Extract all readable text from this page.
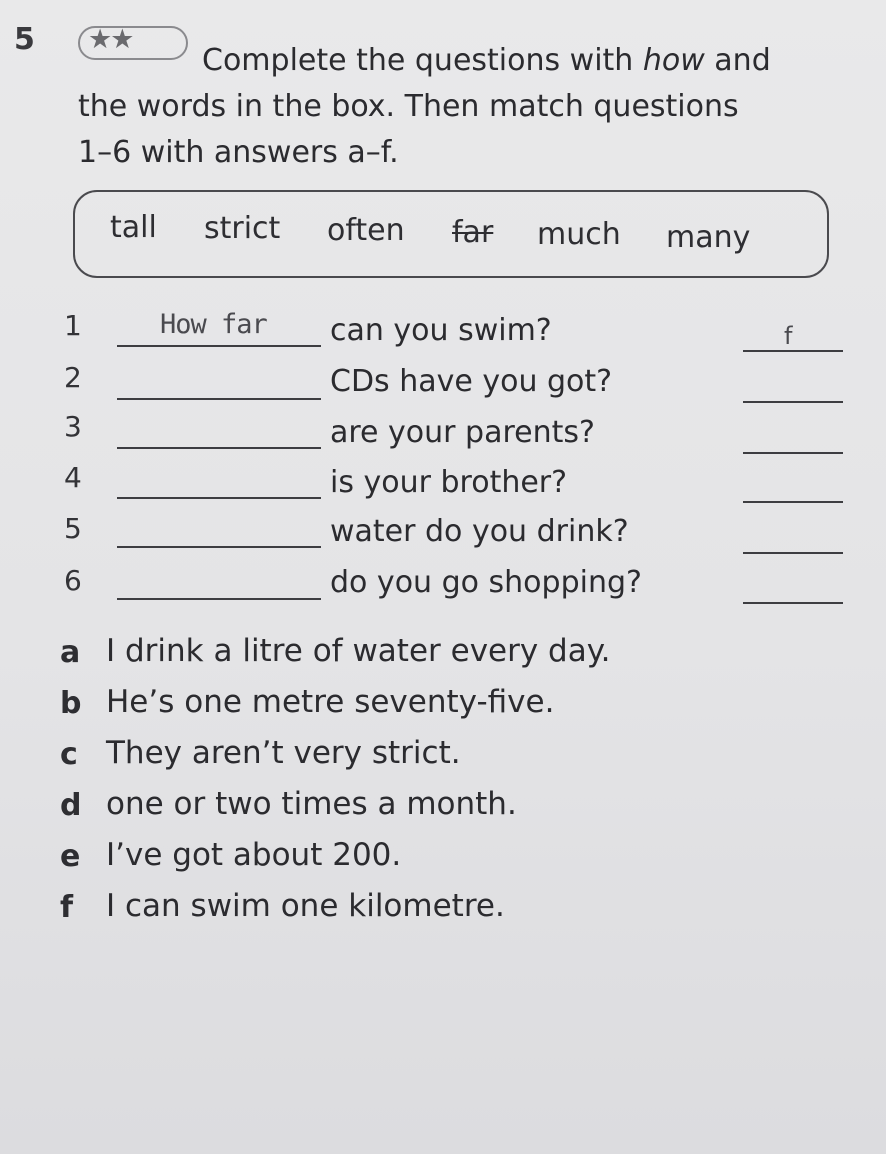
5 ★★
Complete the questions with how and
the words in the box. Then match questions
1–6 with answers a–f.
tall strict often far much many
1	How far can you swim?	f
2	CDs have you got?
3	are your parents?
4	is your brother?
5	water do you drink?
6	do you go shopping?
a I drink a litre of water every day.
b He’s one metre seventy-five.
c They aren’t very strict.
d one or two times a month.
e I’ve got about 200.
f I can swim one kilometre.
